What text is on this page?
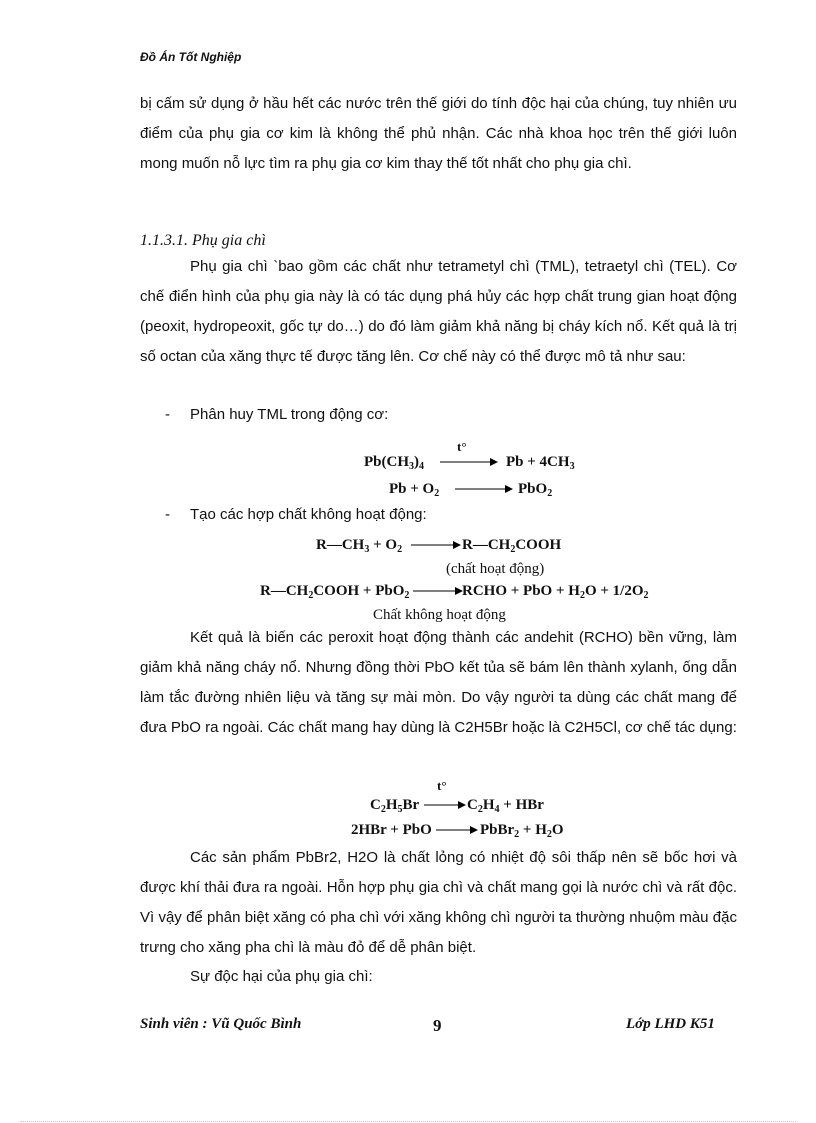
Đồ Án Tốt Nghiệp
bị cấm sử dụng ở hầu hết các nước trên thế giới do tính độc hại của chúng, tuy nhiên ưu điểm của phụ gia cơ kim là không thể phủ nhận. Các nhà khoa học trên thế giới luôn mong muốn nỗ lực tìm ra phụ gia cơ kim thay thế tốt nhất cho phụ gia chì.
1.1.3.1. Phụ gia chì
Phụ gia chì `bao gồm các chất như tetrametyl chì (TML), tetraetyl chì (TEL). Cơ chế điển hình của phụ gia này là có tác dụng phá hủy các hợp chất trung gian hoạt động (peoxit, hydropeoxit, gốc tự do…) do đó làm giảm khả năng bị cháy kích nổ. Kết quả là trị số octan của xăng thực tế được tăng lên. Cơ chế này có thể được mô tả như sau:
- Phân huy TML trong động cơ:
t°
$Pb(CH_3)_4 \to Pb + 4CH_3$
$Pb + O_2 \to PbO_2$
- Tạo các hợp chất không hoạt động:
$R—CH_3 + O_2$ → $R—CH_2COOH$
(chất hoạt động)
$R—CH_2COOH + PbO_2$ → RCHO + PbO + $H_2O + 1/2O_2$
Chất không hoạt động
Kết quả là biến các peroxit hoạt động thành các andehit (RCHO) bền vững, làm giảm khả năng cháy nổ. Nhưng đồng thời PbO kết tủa sẽ bám lên thành xylanh, ống dẫn làm tắc đường nhiên liệu và tăng sự mài mòn. Do vậy người ta dùng các chất mang để đưa PbO ra ngoài. Các chất mang hay dùng là C2H5Br hoặc là C2H5Cl, cơ chế tác dụng:
t°
$C_2H_5Br \to C_2H_4$ + HBr
2HBr + PbO → PbBr$_2$ + $H_2O$
Các sản phẩm PbBr2, H2O là chất lỏng có nhiệt độ sôi thấp nên sẽ bốc hơi và được khí thải đưa ra ngoài. Hỗn hợp phụ gia chì và chất mang gọi là nước chì và rất độc. Vì vậy để phân biệt xăng có pha chì với xăng không chì người ta thường nhuộm màu đặc trưng cho xăng pha chì là màu đỏ để dễ phân biệt.
Sự độc hại của phụ gia chì:
Sinh viên : Vũ Quốc Bình	9	Lớp LHD K51
